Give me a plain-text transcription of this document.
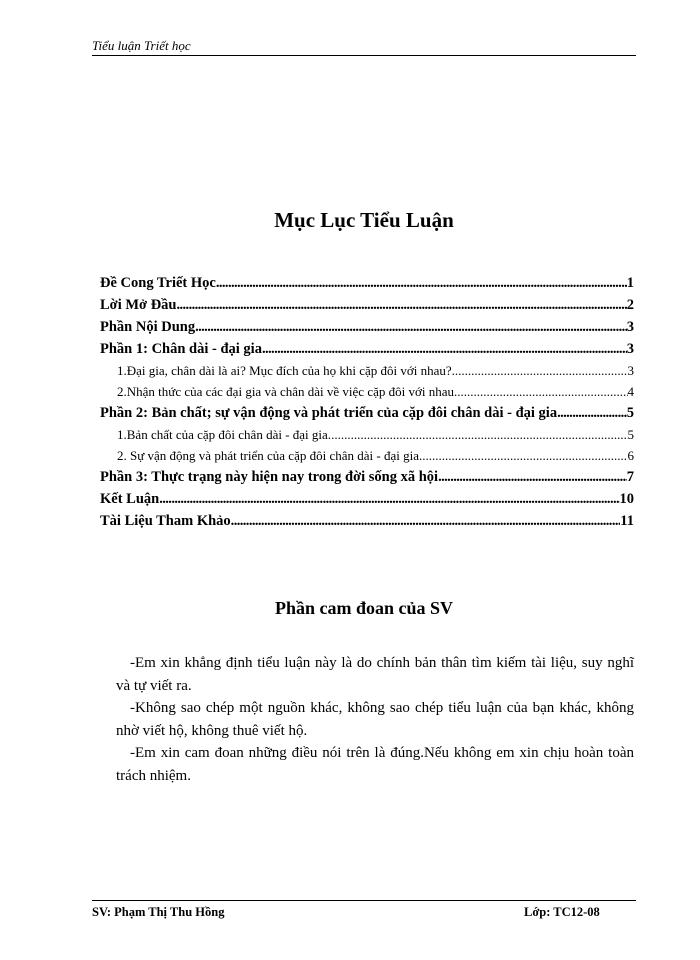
Tiểu luận Triết học
Mục Lục Tiểu Luận
Đề Cong Triết Học .....	1
Lời Mở Đầu .....	2
Phần Nội Dung .....	3
Phần 1: Chân dài - đại gia .....	3
1.Đại gia, chân dài là ai? Mục đích của họ khi cặp đôi với nhau? .....	3
2.Nhận thức của các đại gia và chân dài về việc cặp đôi với nhau. .....	4
Phần 2: Bản chất; sự vận động và phát triển của cặp đôi chân dài - đại gia .....	5
1.Bản chất của cặp đôi chân dài - đại gia. .....	5
2. Sự vận động và phát triển của cặp đôi chân dài - đại gia .....	6
Phần 3: Thực trạng này hiện nay trong đời sống xã hội .....	7
Kết Luận .....	10
Tài Liệu Tham Khảo .....	11
Phần cam đoan của SV
-Em xin khẳng định tiểu luận này là do chính bản thân tìm kiếm tài liệu, suy nghĩ và tự viết ra.
-Không sao chép một nguồn khác, không sao chép tiểu luận của bạn khác, không nhờ viết hộ, không thuê viết hộ.
-Em xin cam đoan những điều nói trên là đúng.Nếu không em xin chịu hoàn toàn trách nhiệm.
SV: Phạm Thị Thu Hồng	Lớp: TC12-08
